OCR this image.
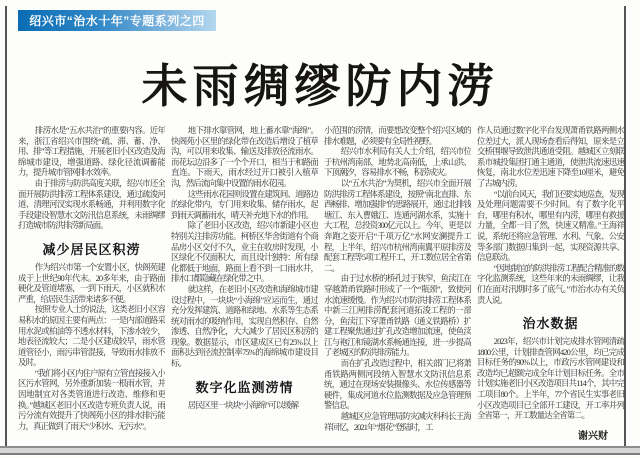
绍兴市“治水十年”专题系列之四
未雨绸缪防内涝

排涝水是“五水共治”的重要内容。近年来，浙江省绍兴市围绕“疏、滞、蓄、净、用、排”等工程措施，开展老旧小区改造及海绵城市建设，增强道路、绿化径流调蓄能力，提升城市管网排水效率。

由于排涝与防洪高度关联，绍兴市还全面开展防洪排涝工程体系建设，通过疏浚河道、清理河汊实现水系畅通，并利用数字化手段建设智慧水文防汛信息系统，未雨绸缪打造城市防洪排涝新局面。

减少居民区积涝

作为绍兴市第一个安置小区，快阁苑建成于上世纪90年代末。20多年来，由于路面硬化及管道堵塞，一到下雨天，小区就积水严重，给居民生活带来诸多不便。

按照专业人士的说法，这类老旧小区容易积水的原因主要有两点：一是内部道路采用水泥或柏油等不透水材料，下渗水较少，地表径流较大；二是小区建成较早，雨水管道管径小，雨污串管混接，导致雨水排放不及时。

“我们将小区内住户原有立管直接接入小区污水管网，另外重新加装一根雨水管，并因地制宜对各类管道进行改造、维修和更换。”越城区老旧小区改造专班负责人说，雨污分流有效提升了快阁苑小区的排水排污能力，真正做到了雨天“少积水、无污水”。

地下排水靠管网，地上蓄水靠“海绵”。快阁苑小区里的绿化带在改造后增设了植草沟，可以用来收集、输送及排放径流雨水。而花坛边沿多了一个个开口，相当于和路面直连。下雨天，雨水经过开口被引入植草沟，然后流向集中设置的雨水花园。

这些雨水花园则设置在建筑间、道路边的绿化带内，专门用来收集、储存雨水，起到雨天调蓄雨水，晴天补充地下水的作用。

除了老旧小区改造，绍兴市新建小区也特别关注排涝功能。柯桥区华舍街道有个商品房小区交付不久，业主在收房时发现，小区绿化不仅面积大，而且设计独特：所有绿化都低于地面，路面上看不到一口雨水井，排水口都隐藏在绿化带之中。

就这样，在老旧小区改造和海绵城市建设过程中，一块块“小海绵”应运而生，通过充分发挥建筑、道路和绿地、水系等生态系统对雨水的吸纳作用，实现自然积存、自然渗透、自然净化，大大减少了居民区积涝的现象。数据显示，市区建成区已有25%以上面积达到径流控制率75%的海绵城市建设目标。

数字化监测涝情

居民区里一块块“小海绵”可以缓解

小范围的涝情，而要想改变整个绍兴区域的排水难题，必须要有全局性视野。

绍兴市水利局有关人士介绍，绍兴市位于杭州湾南部，地势北高南低，上承山洪、下顶潮汐，容易排水不畅，积涝成灾。

以“五水共治”为契机，绍兴市全面开展防洪排涝工程体系建设，按照“南北直排、东西畅排、增加强排”的思路展开，通过北排钱塘江、东入曹娥江、连通河湖水系，实施十大工程，总投资300亿元以上。今年，更是以奔跑之姿开启“千项万亿”水网安澜提升工程，上半年，绍兴市杭州湾南翼平原排涝及配套工程等5项工程开工，开工数位居全省第二。

由于过水桥的桥孔过于狭窄，鱼渎江在穿越萧甬铁路时形成了一个“瓶颈”，致使河水流速缓慢。作为绍兴市防洪排涝工程体系中新三江闸排涝配套河道拓浚工程的一部分，鱼渎江下穿萧甬铁路（通义铁路桥）扩建工程聚焦通过扩孔改造增加流速，使鱼渎江与袍江和镜湖水系畅通连接，进一步提高了老城区的防洪排涝能力。

而在扩孔改造过程中，相关部门已将萧甬铁路两侧河段纳入智慧水文防汛信息系统，通过在现场安装摄像头、水位传感器等硬件，集成河道水位监测数据及应急管理预警信息。

越城区应急管理局防灾减灾科科长王海祥回忆，2021年“烟花”登陆时，工

作人员通过数字化平台发现萧甬铁路两侧水位差过大，派人现场查看后得知，原来是立交桥围堰导致泄洪通道受阻。越城区立刻联系市城投集团打通主通道，使泄洪流速迅速恢复，南北水位差迅速下降至10厘米，避免了古城内涝。

“以前台风天，我们还要实地巡查，发现及处理问题需要不少时间。有了数字化平台，哪里有积水，哪里有内涝，哪里有救援力量，全都一目了然，快速又精准。”王海祥说，系统还将应急管理、水利、气象、公安等多部门数据归集到一起，实现资源共享、信息联动。

“因地制宜的防洪排涝工程配合精准的数字化监测系统，这些年来的未雨绸缪，让我们在面对汛期时多了底气。”市治水办有关负责人说。

治水数据

2023年，绍兴市计划完成排水管网清疏1800公里，计划排查管网420公里，均已完成目标任务的90%以上，市政污水管网建设和改造均已超额完成全年计划目标任务。全市计划实施老旧小区改造项目共114个，其中完工项目80个。上半年，77个省民生实事老旧小区改造项目已全部开工建设，开工率并列全省第一，开工数量达全省第二。

谢兴财
